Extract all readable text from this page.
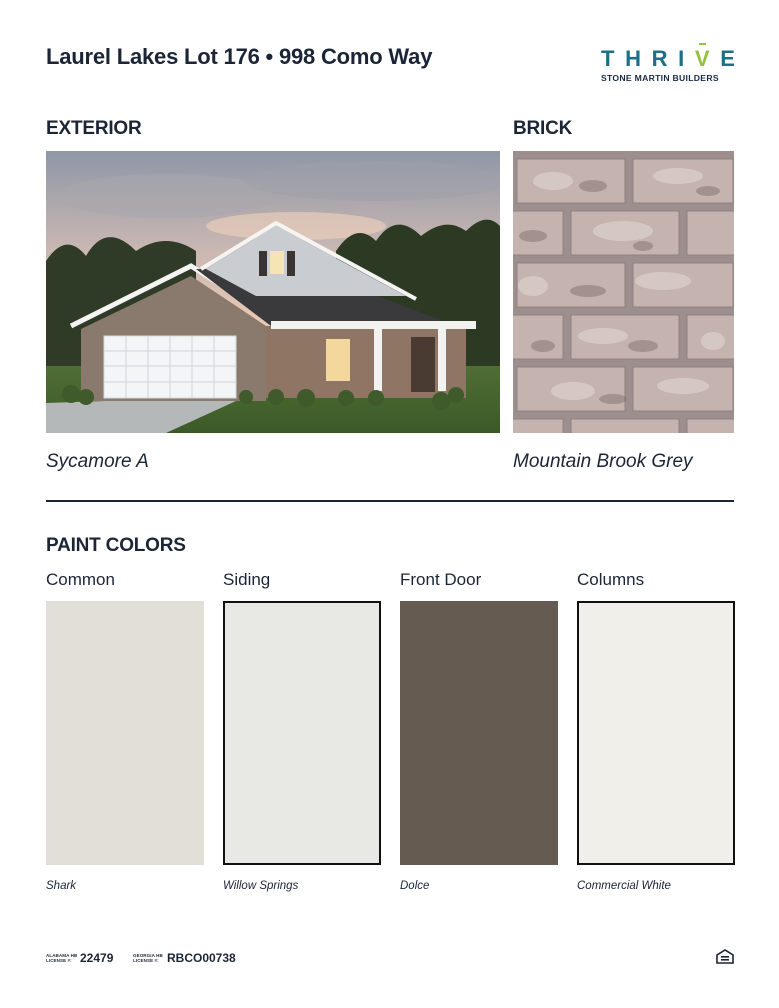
Laurel Lakes Lot 176 • 998 Como Way	T H R I V E
STONE MARTIN BUILDERS
EXTERIOR
Sycamore A
BRICK
Mountain Brook Grey
PAINT COLORS
Common	Siding	Front Door	Columns
Shark	Willow Springs	Dolce	Commercial White
ALABAMA HB
LICENSE #: 22479	GEORGIA HB
LICENSE #: RBCO00738
